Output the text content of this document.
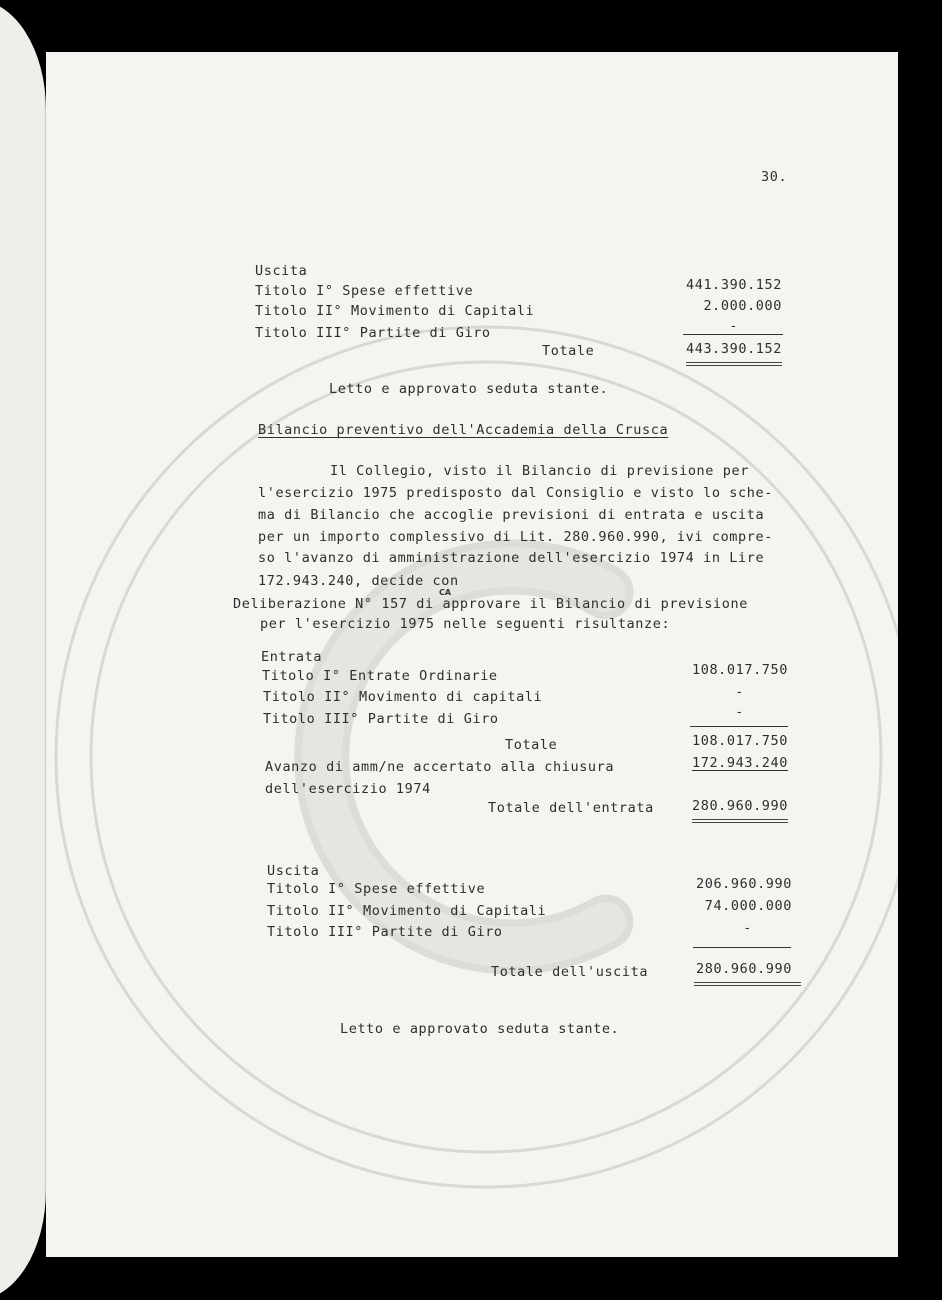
30.
Uscita
Titolo I° Spese effettive	441.390.152
Titolo II° Movimento di Capitali	2.000.000
Titolo III° Partite di Giro	-
Totale	443.390.152
Letto e approvato seduta stante.
Bilancio preventivo dell'Accademia della Crusca
Il Collegio, visto il Bilancio di previsione per
l'esercizio 1975 predisposto dal Consiglio e visto lo sche-
ma di Bilancio che accoglie previsioni di entrata e uscita
per un importo complessivo di Lit. 280.960.990, ivi compre-
so l'avanzo di amministrazione dell'esercizio 1974 in Lire
172.943.240, decide con
Deliberazione N° 157 di approvare il Bilancio di previsione
CA
per l'esercizio 1975 nelle seguenti risultanze:
Entrata
Titolo I° Entrate Ordinarie	108.017.750
Titolo II° Movimento di capitali	-
Titolo III° Partite di Giro	-
Totale	108.017.750
Avanzo di amm/ne accertato alla chiusura	172.943.240
dell'esercizio 1974
Totale dell'entrata	280.960.990
Uscita
Titolo I° Spese effettive	206.960.990
Titolo II° Movimento di Capitali	74.000.000
Titolo III° Partite di Giro	-
Totale dell'uscita	280.960.990
Letto e approvato seduta stante.
